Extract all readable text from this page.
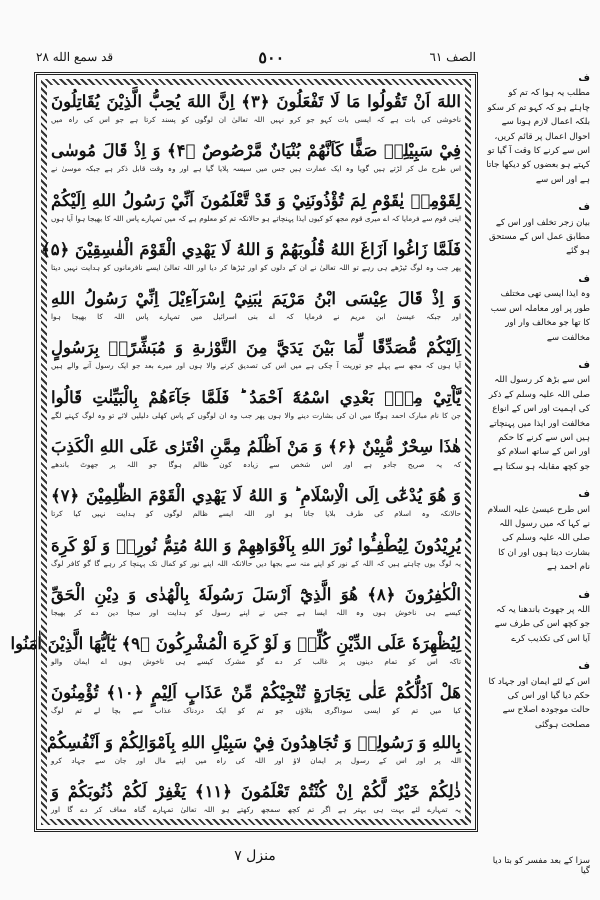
الصف ٦١
٥٠٠
قد سمع الله ٢٨
اللهَ اَنْ تَقُولُوا مَا لَا تَفْعَلُونَ ﴿۳﴾ اِنَّ اللهَ يُحِبُّ الَّذِيْنَ يُقَاتِلُونَ
ناخوشی کی بات ہے کہ ایسی بات کہو جو کرو نہیں اللہ تعالیٰ ان لوگوں کو پسند کرتا ہے جو اس کی راہ میں
فِيْ سَبِيْلِهٖ صَفًّا كَاَنَّهُمْ بُنْيَانٌ مَّرْصُوصٌ ﴿۴﴾ وَ اِذْ قَالَ مُوسٰى
اس طرح مل کر لڑتے ہیں گویا وہ ایک عمارت ہیں جس میں سیسہ پلایا گیا ہے اور وہ وقت قابل ذکر ہے جبکہ موسیٰ نے
لِقَوْمِهٖ يٰقَوْمِ لِمَ تُؤْذُونَنِيْ وَ قَدْ تَّعْلَمُونَ اَنِّيْ رَسُولُ اللهِ اِلَيْكُمْ
اپنی قوم سے فرمایا کہ اے میری قوم مجھ کو کیوں ایذا پہنچاتے ہو حالانکہ تم کو معلوم ہے کہ میں تمہارے پاس اللہ کا بھیجا ہوا آیا ہوں
فَلَمَّا زَاغُوا اَزَاغَ اللهُ قُلُوبَهُمْ وَ اللهُ لَا يَهْدِي الْقَوْمَ الْفٰسِقِيْنَ ﴿۵﴾
پھر جب وہ لوگ ٹیڑھے ہی رہے تو اللہ تعالیٰ نے ان کے دلوں کو اور ٹیڑھا کر دیا اور اللہ تعالیٰ ایسے نافرمانوں کو ہدایت نہیں دیتا
وَ اِذْ قَالَ عِيْسَى ابْنُ مَرْيَمَ يٰبَنِيْٓ اِسْرَآءِيْلَ اِنِّيْ رَسُولُ اللهِ
اور جبکہ عیسیٰ ابن مریم نے فرمایا کہ اے بنی اسرائیل میں تمہارے پاس اللہ کا بھیجا ہوا
اِلَيْكُمْ مُّصَدِّقًا لِّمَا بَيْنَ يَدَيَّ مِنَ التَّوْرٰىةِ وَ مُبَشِّرًاۢ بِرَسُولٍ
آیا ہوں کہ مجھ سے پہلے جو توریت آ چکی ہے میں اس کی تصدیق کرنے والا ہوں اور میرے بعد جو ایک رسول آنے والے ہیں
يَّاْتِيْ مِنْۢ بَعْدِي اسْمُهٗٓ اَحْمَدُ ؕ فَلَمَّا جَآءَهُمْ بِالْبَيِّنٰتِ قَالُوا
جن کا نام مبارک احمد ہوگا میں ان کی بشارت دینے والا ہوں پھر جب وہ ان لوگوں کے پاس کھلی دلیلیں لائے تو وہ لوگ کہنے لگے
هٰذَا سِحْرٌ مُّبِيْنٌ ﴿۶﴾ وَ مَنْ اَظْلَمُ مِمَّنِ افْتَرٰى عَلَى اللهِ الْكَذِبَ
کہ یہ صریح جادو ہے اور اس شخص سے زیادہ کون ظالم ہوگا جو اللہ پر جھوٹ باندھے
وَ هُوَ يُدْعٰٓى اِلَى الْاِسْلَامِ ؕ وَ اللهُ لَا يَهْدِي الْقَوْمَ الظّٰلِمِيْنَ ﴿۷﴾
حالانکہ وہ اسلام کی طرف بلایا جاتا ہو اور اللہ ایسے ظالم لوگوں کو ہدایت نہیں کیا کرتا
يُرِيْدُونَ لِيُطْفِـُٔوا نُورَ اللهِ بِاَفْوَاهِهِمْ وَ اللهُ مُتِمُّ نُورِهٖ وَ لَوْ كَرِهَ
یہ لوگ یوں چاہتے ہیں کہ اللہ کے نور کو اپنے منہ سے بجھا دیں حالانکہ اللہ اپنے نور کو کمال تک پہنچا کر رہے گا گو کافر لوگ
الْكٰفِرُونَ ﴿۸﴾ هُوَ الَّذِيْٓ اَرْسَلَ رَسُولَهٗ بِالْهُدٰى وَ دِيْنِ الْحَقِّ
کیسے ہی ناخوش ہوں وہ اللہ ایسا ہے جس نے اپنے رسول کو ہدایت اور سچا دین دے کر بھیجا
لِيُظْهِرَهٗ عَلَى الدِّيْنِ كُلِّهٖ وَ لَوْ كَرِهَ الْمُشْرِكُونَ ﴿۹﴾ يٰٓاَيُّهَا الَّذِيْنَ اٰمَنُوا
تاکہ اس کو تمام دینوں پر غالب کر دے گو مشرک کیسے ہی ناخوش ہوں اے ایمان والو
هَلْ اَدُلُّكُمْ عَلٰى تِجَارَةٍ تُنْجِيْكُمْ مِّنْ عَذَابٍ اَلِيْمٍ ﴿۱۰﴾ تُؤْمِنُونَ
کیا میں تم کو ایسی سوداگری بتلاؤں جو تم کو ایک دردناک عذاب سے بچا لے تم لوگ
بِاللهِ وَ رَسُولِهٖ وَ تُجَاهِدُونَ فِيْ سَبِيْلِ اللهِ بِاَمْوَالِكُمْ وَ اَنْفُسِكُمْ
اللہ پر اور اس کے رسول پر ایمان لاؤ اور اللہ کی راہ میں اپنے مال اور جان سے جہاد کرو
ذٰلِكُمْ خَيْرٌ لَّكُمْ اِنْ كُنْتُمْ تَعْلَمُونَ ﴿۱۱﴾ يَغْفِرْ لَكُمْ ذُنُوبَكُمْ وَ
یہ تمہارے لئے بہت ہی بہتر ہے اگر تم کچھ سمجھ رکھتے ہو اللہ تعالیٰ تمہارے گناہ معاف کر دے گا اور
ف
مطلب یہ ہوا کہ تم کو چاہئے ہو کہ کہو تم کر سکو بلکہ اعمال لازم ہونا سے احوال اعمال پر قائم کریں، اس سے کرنے کا وقت آ گیا تو کہتے ہو بعضوں کو دیکھا جاتا ہے اور اس سے
ف
بیان زجر تخلف اور اس کے مطابق عمل اس کے مستحق ہو گئے
ف
وہ ایذا ایسی تھی مختلف طور پر اور معاملہ اس سب کا تھا جو مخالف وار اور مخالفت سے
ف
اس سے بڑھ کر رسول اللہ صلی اللہ علیہ وسلم کے ذکر کی اہمیت اور اس کے انواع مخالفت اور ایذا میں پہنچاتے ہیں اس سے کرنے کا حکم اور اس کے ساتھ اسلام کو جو کچھ مقابلہ ہو سکتا ہے
ف
اس طرح عیسیٰ علیہ السلام نے کہا کہ میں رسول اللہ صلی اللہ علیہ وسلم کی بشارت دیتا ہوں اور ان کا نام احمد ہے
ف
اللہ پر جھوٹ باندھنا یہ کہ جو کچھ اس کی طرف سے آیا اس کی تکذیب کرے
ف
اس کے لئے ایمان اور جہاد کا حکم دیا گیا اور اس کی حالت موجودہ اصلاح سے مصلحت ہوگئی
منزل ۷	سزا کے بعد مفسر کو بتا دیا گیا
